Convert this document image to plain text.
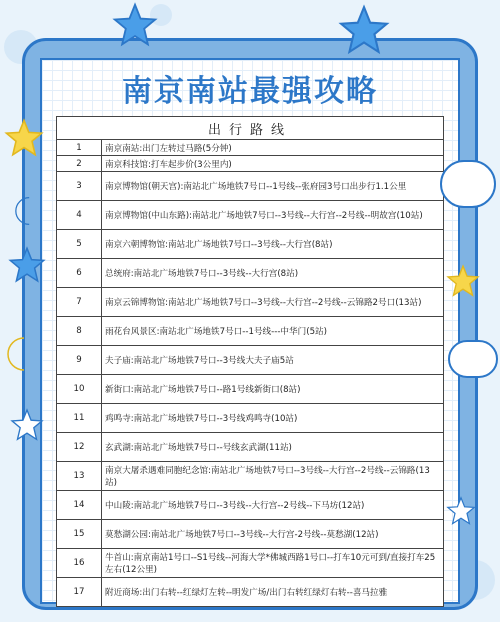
南京南站最强攻略
出行路线	
1	南京南站:出门左转过马路(5分钟)
2	南京科技馆:打车起步价(3公里内)
3	南京博物馆(朝天宫):南站北广场地铁7号口--1号线--张府园3号口出步行1.1公里
4	南京博物馆(中山东路):南站北广场地铁7号口--3号线--大行宫--2号线--明故宫(10站)
5	南京六朝博物馆:南站北广场地铁7号口--3号线--大行宫(8站)
6	总统府:南站北广场地铁7号口--3号线--大行宫(8站)
7	南京云锦博物馆:南站北广场地铁7号口--3号线--大行宫--2号线--云锦路2号口(13站)
8	雨花台风景区:南站北广场地铁7号口--1号线---中华门(5站)
9	夫子庙:南站北广场地铁7号口--3号线大夫子庙5站
10	新街口:南站北广场地铁7号口--路1号线新街口(8站)
11	鸡鸣寺:南站北广场地铁7号口--3号线鸡鸣寺(10站)
12	玄武湖:南站北广场地铁7号口--号线玄武湖(11站)
13	南京大屠杀遇难同胞纪念馆:南站北广场地铁7号口--3号线--大行宫--2号线--云锦路(13站)
14	中山陵:南站北广场地铁7号口--3号线--大行宫--2号线--下马坊(12站)
15	莫愁湖公园:南站北广场地铁7号口--3号线--大行宫-2号线--莫愁湖(12站)
16	牛首山:南京南站1号口--S1号线--河海大学*佛城西路1号口--打车10元可到/直接打车25左右(12公里)
17	附近商场:出门右转--红绿灯左转--明发广场/出门右转红绿灯右转--喜马拉雅
